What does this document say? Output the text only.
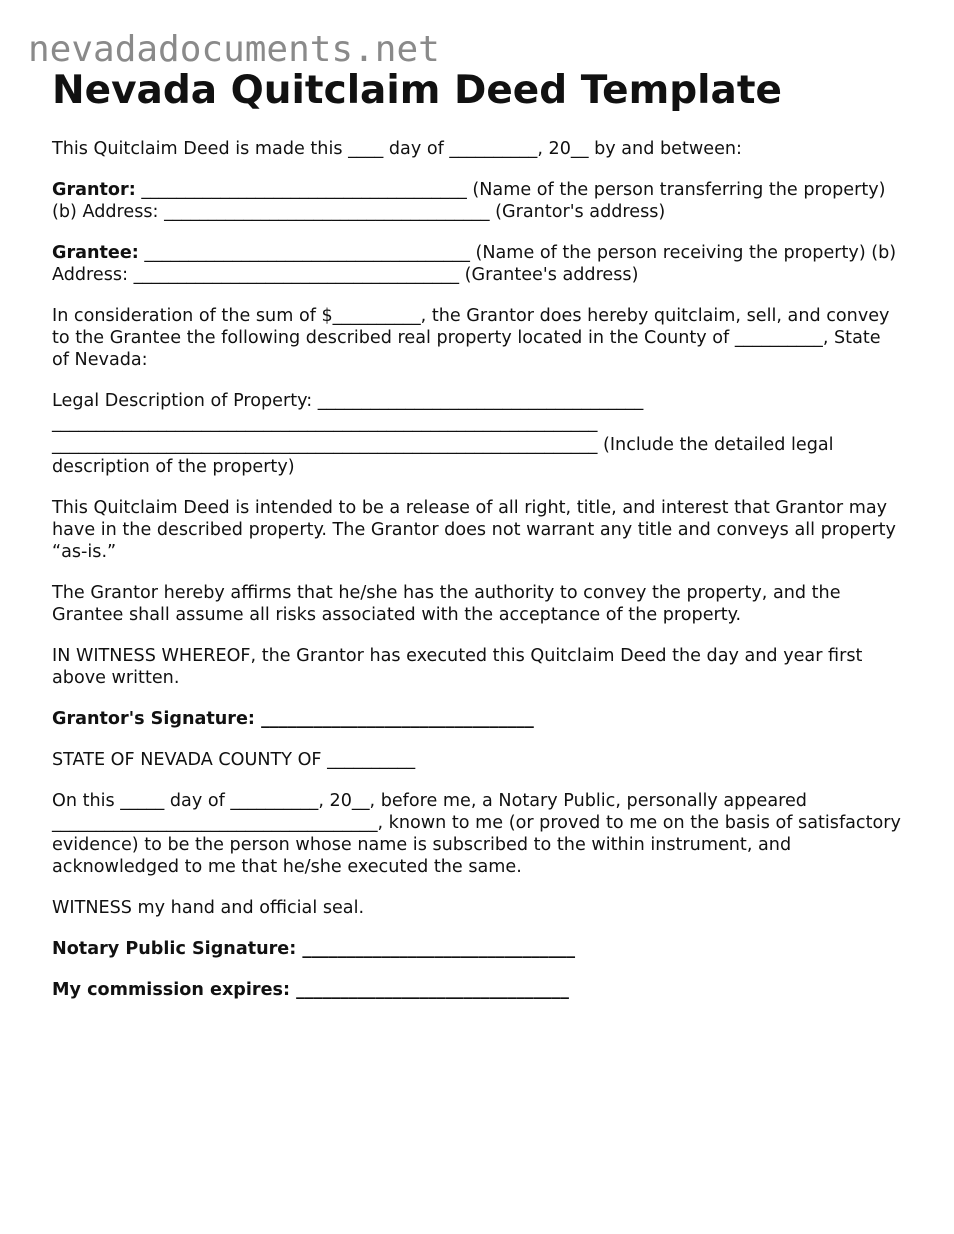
nevadadocuments.net
Nevada Quitclaim Deed Template

This Quitclaim Deed is made this ____ day of __________, 20__ by and between:

Grantor: _____________________________________ (Name of the person transferring the property) (b) Address: _____________________________________ (Grantor's address)

Grantee: _____________________________________ (Name of the person receiving the property) (b) Address: _____________________________________ (Grantee's address)

In consideration of the sum of $__________, the Grantor does hereby quitclaim, sell, and convey to the Grantee the following described real property located in the County of __________, State of Nevada:

Legal Description of Property: _____________________________________
______________________________________________________________
______________________________________________________________ (Include the detailed legal description of the property)

This Quitclaim Deed is intended to be a release of all right, title, and interest that Grantor may have in the described property. The Grantor does not warrant any title and conveys all property “as-is.”

The Grantor hereby affirms that he/she has the authority to convey the property, and the Grantee shall assume all risks associated with the acceptance of the property.

IN WITNESS WHEREOF, the Grantor has executed this Quitclaim Deed the day and year first above written.

Grantor's Signature: _______________________________

STATE OF NEVADA COUNTY OF __________

On this _____ day of __________, 20__, before me, a Notary Public, personally appeared _____________________________________, known to me (or proved to me on the basis of satisfactory evidence) to be the person whose name is subscribed to the within instrument, and acknowledged to me that he/she executed the same.

WITNESS my hand and official seal.

Notary Public Signature: _______________________________

My commission expires: _______________________________
